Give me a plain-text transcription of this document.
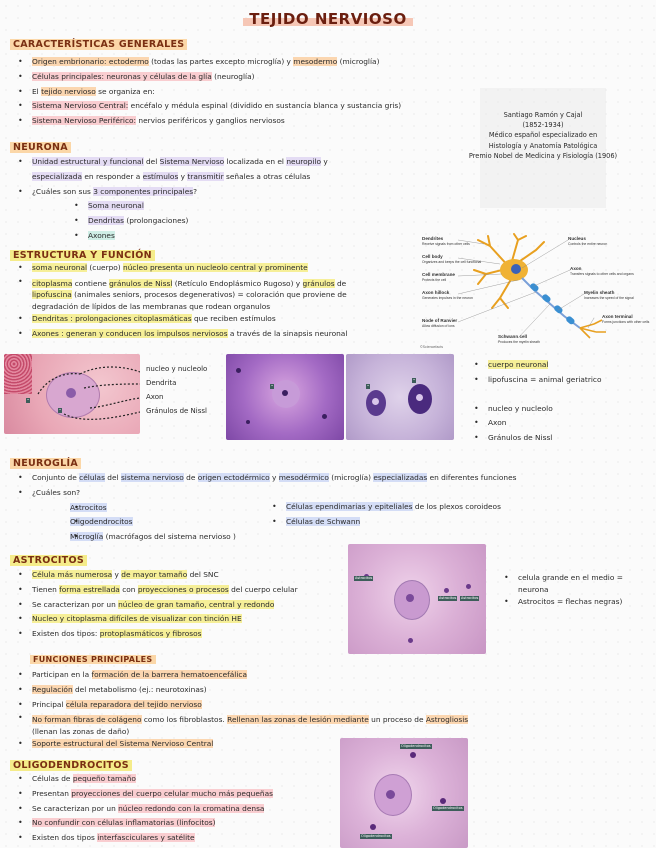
TEJIDO NERVIOSO
CARACTERÍSTICAS GENERALES
• Origen embrionario: ectodermo (todas las partes excepto microglía) y mesodermo (microglía)
• Células principales: neuronas y células de la glía (neuroglía)
• El tejido nervioso se organiza en:
• Sistema Nervioso Central: encéfalo y médula espinal (dividido en sustancia blanca y sustancia gris)
• Sistema Nervioso Periférico: nervios periféricos y ganglios nerviosos
Santiago Ramón y Cajal
(1852-1934)
Médico español especializado en
Histología y Anatomía Patológica
Premio Nobel de Medicina y Fisiología (1906)
NEURONA
• Unidad estructural y funcional del Sistema Nervioso localizada en el neuropilo y
especializada en responder a estímulos y transmitir señales a otras células
• ¿Cuáles son sus 3 componentes principales?
• Soma neuronal
• Dendritas (prolongaciones)
• Axones
ESTRUCTURA Y FUNCIÓN
• soma neuronal (cuerpo) núcleo presenta un nucleolo central y prominente
• citoplasma contiene gránulos de Nissl (Retículo Endoplásmico Rugoso) y gránulos de
lipofuscina (animales seniors, procesos degenerativos) = coloración que proviene de
degradación de lípidos de las membranas que rodean organulos
• Dendritas : prolongaciones citoplasmáticas que reciben estímulos
• Axones : generan y conducen los impulsos nerviosos a través de la sinapsis neuronal
Dendrites
Receive signals from other cells
Cell body
Organizes and keeps the cell functional
Cell membrane
Protects the cell
Axon hillock
Generates impulses in the neuron
Node of Ranvier
Allow diffusion of ions
Schwann cell
Produces the myelin sheath
Nucleus
Controls the entire neuron
Axon
Transfers signals to other cells and organs
Myelin sheath
Increases the speed of the signal
Axon terminal
Forms junctions with other cells
©Sciencefacts
•
•
nucleo y nucleolo
Dendrita
Axon
Gránulos de Nissl
•	•
•
• cuerpo neuronal
• lipofuscina = animal geriatrico
• nucleo y nucleolo
• Axon
• Gránulos de Nissl
NEUROGLÍA
• Conjunto de células del sistema nervioso de origen ectodérmico y mesodérmico (microglía) especializadas en diferentes funciones
• ¿Cuáles son?
• Astrocitos
• Oligodendrocitos
• Microglía (macrófagos del sistema nervioso )
• Células ependimarias y epiteliales de los plexos coroideos
• Células de Schwann
ASTROCITOS
• Célula más numerosa y de mayor tamaño del SNC
• Tienen forma estrellada con proyecciones o procesos del cuerpo celular
• Se caracterizan por un núcleo de gran tamaño, central y redondo
• Nucleo y citoplasma difíciles de visualizar con tinción HE
• Existen dos tipos: protoplasmáticos y fibrosos
Astrocitos
Astrocitos Astrocitos
• celula grande en el medio =
neurona
• Astrocitos = flechas negras)
FUNCIONES PRINCIPALES
• Participan en la formación de la barrera hematoencefálica
• Regulación del metabolismo (ej.: neurotoxinas)
• Principal célula reparadora del tejido nervioso
• No forman fibras de colágeno como los fibroblastos. Rellenan las zonas de lesión mediante un proceso de Astrogliosis
(llenan las zonas de daño)
• Soporte estructural del Sistema Nervioso Central
OLIGODENDROCITOS
• Células de pequeño tamaño
• Presentan proyecciones del cuerpo celular mucho más pequeñas
• Se caracterizan por un núcleo redondo con la cromatina densa
• No confundir con células inflamatorias (linfocitos)
• Existen dos tipos interfasciculares y satélite
Oligodendrocitos
Oligodendrocitos
Oligodendrocitos
